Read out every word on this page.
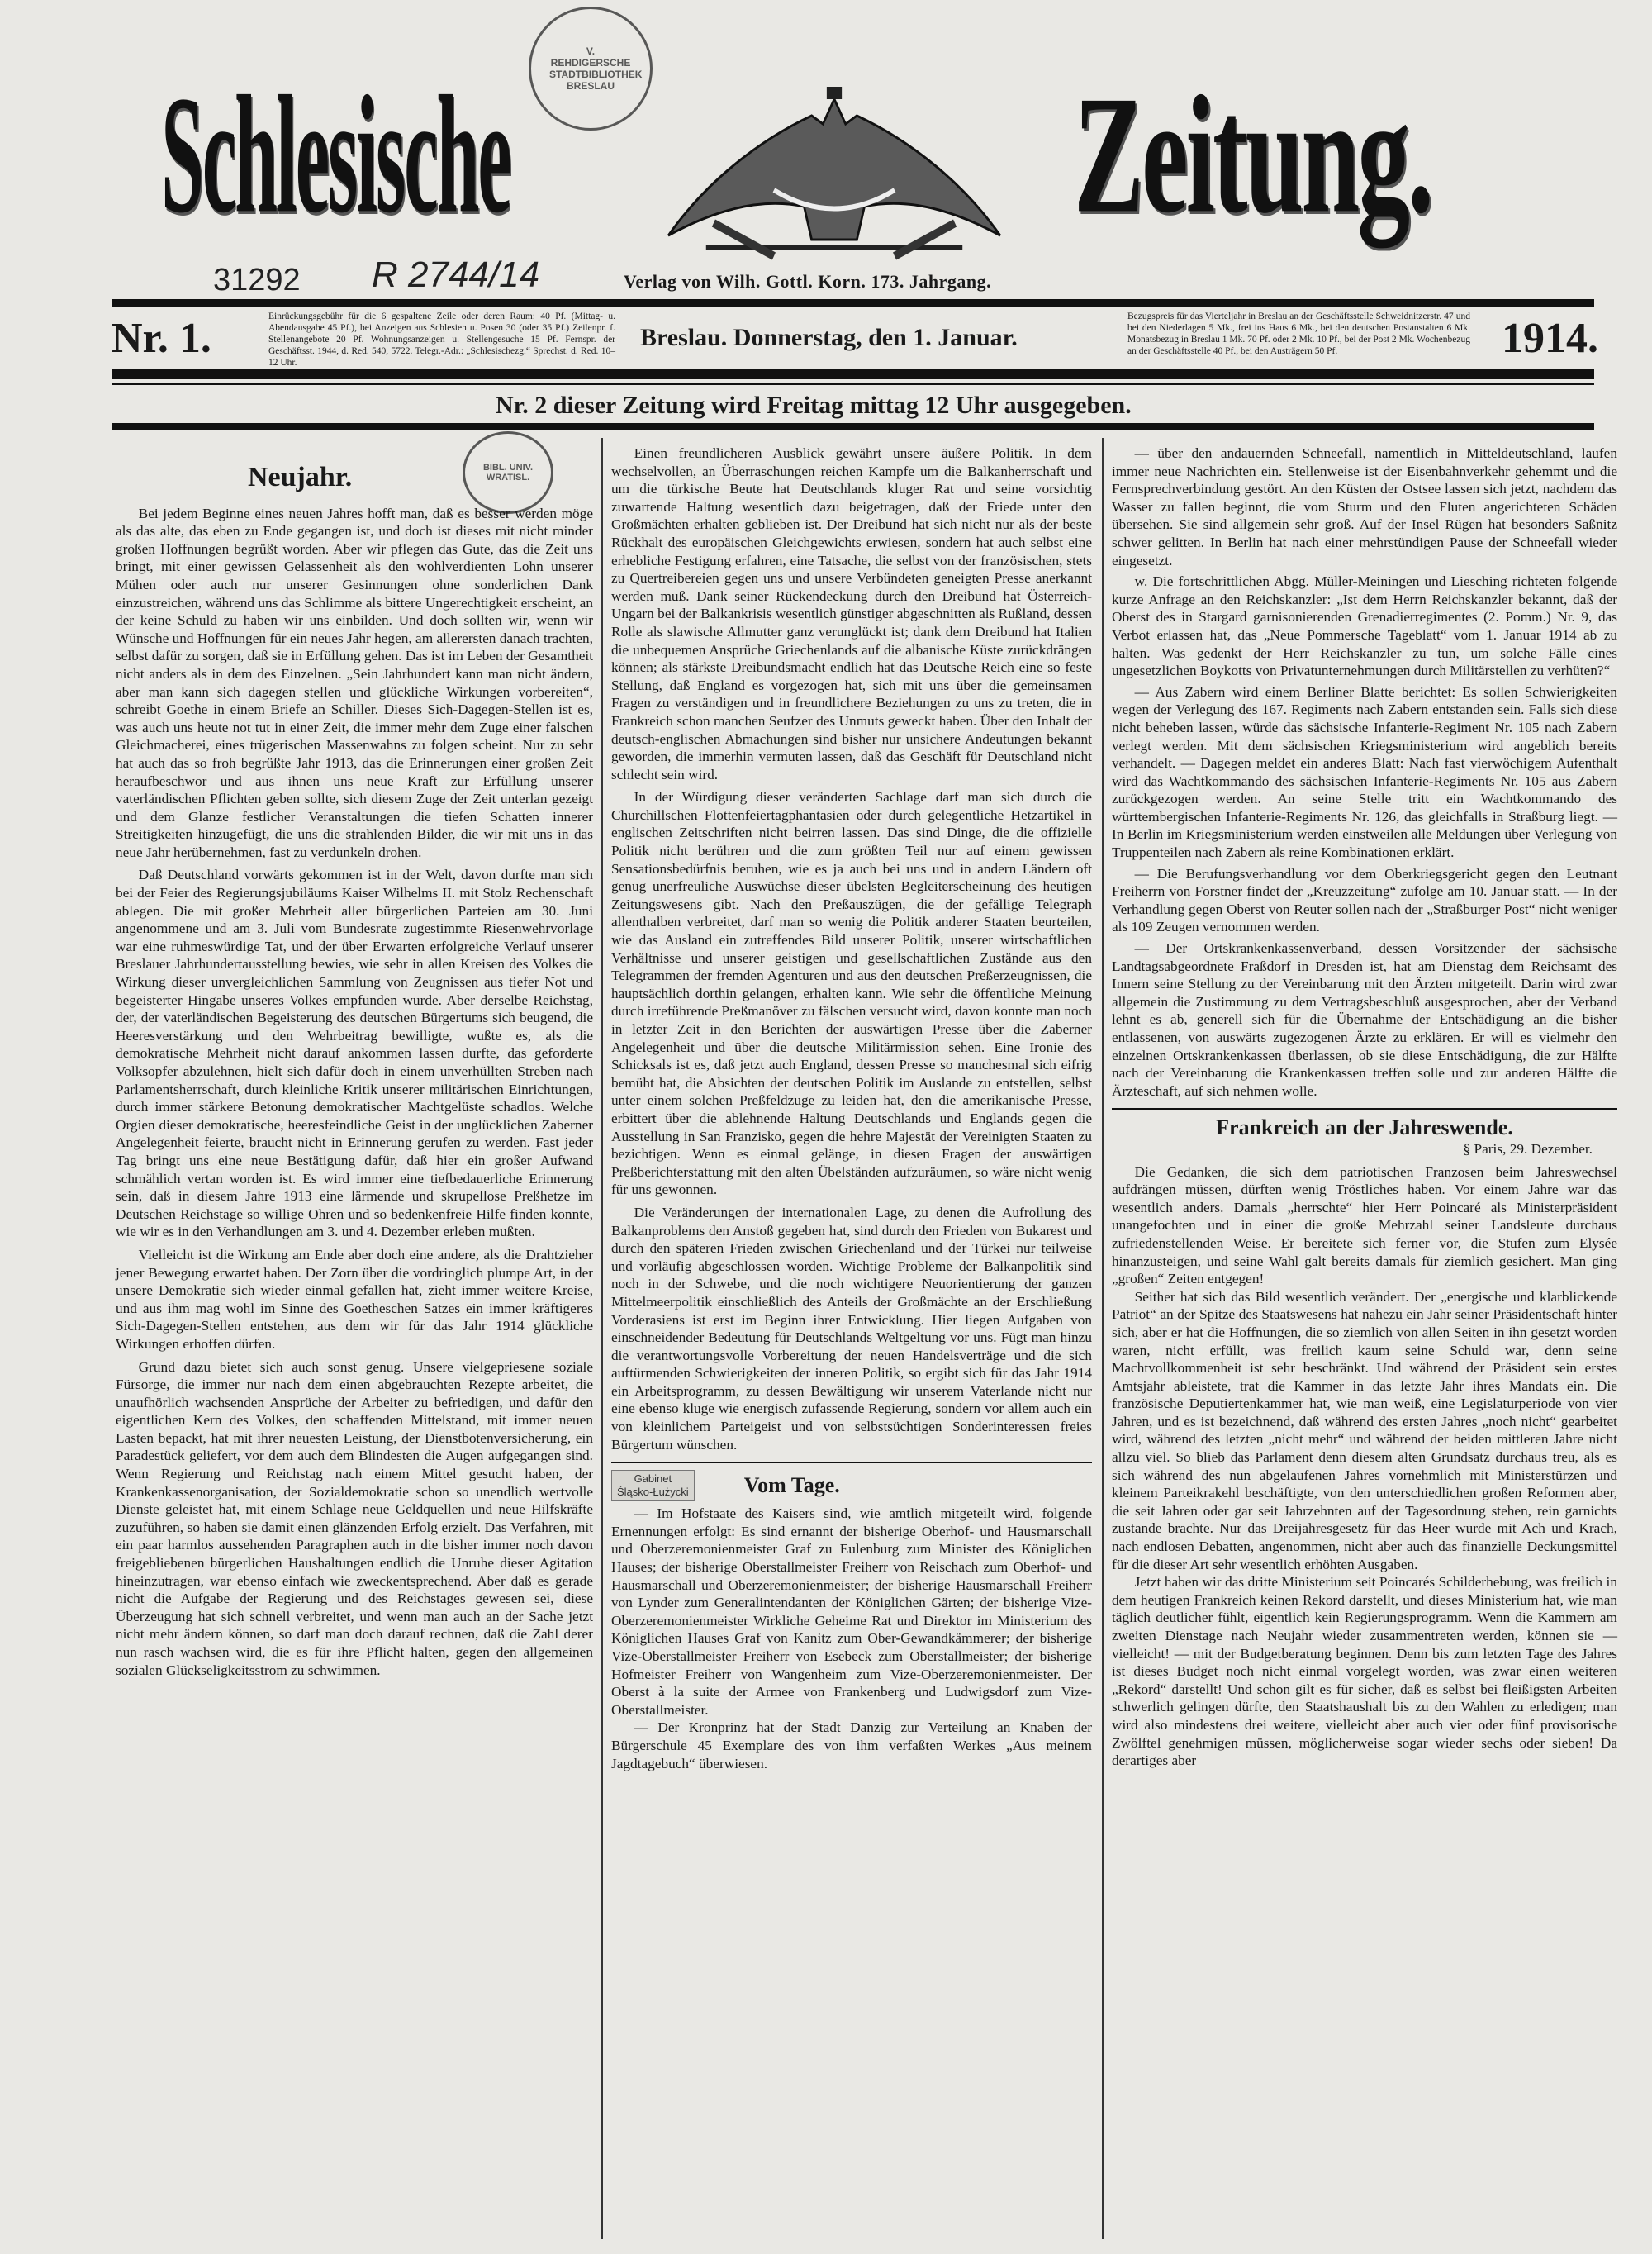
Schlesische	Zeitung.
V. REHDIGERSCHE STADTBIBLIOTHEK BRESLAU
31292 R 2744/14	Verlag von Wilh. Gottl. Korn. 173. Jahrgang.
Nr. 1.	Einrückungsgebühr für die 6 gespaltene Zeile oder deren Raum: 40 Pf. (Mittag- u. Abendausgabe 45 Pf.), bei Anzeigen aus Schlesien u. Posen 30 (oder 35 Pf.) Zeilenpr. f. Stellenangebote 20 Pf. Wohnungsanzeigen u. Stellengesuche 15 Pf. Fernspr. der Geschäftsst. 1944, d. Red. 540, 5722. Telegr.-Adr.: „Schlesischezg.“ Sprechst. d. Red. 10–12 Uhr.
Breslau. Donnerstag, den 1. Januar.
Bezugspreis für das Vierteljahr in Breslau an der Geschäftsstelle Schweidnitzerstr. 47 und bei den Niederlagen 5 Mk., frei ins Haus 6 Mk., bei den deutschen Postanstalten 6 Mk. Monatsbezug in Breslau 1 Mk. 70 Pf. oder 2 Mk. 10 Pf., bei der Post 2 Mk. Wochenbezug an der Geschäftsstelle 40 Pf., bei den Austrägern 50 Pf.	1914.
Nr. 2 dieser Zeitung wird Freitag mittag 12 Uhr ausgegeben.
BIBL. UNIV. WRATISL.
Neujahr.

Bei jedem Beginne eines neuen Jahres hofft man, daß es besser werden möge als das alte, das eben zu Ende gegangen ist, und doch ist dieses mit nicht minder großen Hoffnungen begrüßt worden. Aber wir pflegen das Gute, das die Zeit uns bringt, mit einer gewissen Gelassenheit als den wohlverdienten Lohn unserer Mühen oder auch nur unserer Gesinnungen ohne sonderlichen Dank einzustreichen, während uns das Schlimme als bittere Ungerechtigkeit erscheint, an der keine Schuld zu haben wir uns einbilden. Und doch sollten wir, wenn wir Wünsche und Hoffnungen für ein neues Jahr hegen, am allerersten danach trachten, selbst dafür zu sorgen, daß sie in Erfüllung gehen. Das ist im Leben der Gesamtheit nicht anders als in dem des Einzelnen. „Sein Jahrhundert kann man nicht ändern, aber man kann sich dagegen stellen und glückliche Wirkungen vorbereiten“, schreibt Goethe in einem Briefe an Schiller. Dieses Sich-Dagegen-Stellen ist es, was auch uns heute not tut in einer Zeit, die immer mehr dem Zuge einer falschen Gleichmacherei, eines trügerischen Massenwahns zu folgen scheint. Nur zu sehr hat auch das so froh begrüßte Jahr 1913, das die Erinnerungen einer großen Zeit heraufbeschwor und aus ihnen uns neue Kraft zur Erfüllung unserer vaterländischen Pflichten geben sollte, sich diesem Zuge der Zeit unterlan gezeigt und dem Glanze festlicher Veranstaltungen die tiefen Schatten innerer Streitigkeiten hinzugefügt, die uns die strahlenden Bilder, die wir mit uns in das neue Jahr herübernehmen, fast zu verdunkeln drohen.

Daß Deutschland vorwärts gekommen ist in der Welt, davon durfte man sich bei der Feier des Regierungsjubiläums Kaiser Wilhelms II. mit Stolz Rechenschaft ablegen. Die mit großer Mehrheit aller bürgerlichen Parteien am 30. Juni angenommene und am 3. Juli vom Bundesrate zugestimmte Riesenwehrvorlage war eine ruhmeswürdige Tat, und der über Erwarten erfolgreiche Verlauf unserer Breslauer Jahrhundertausstellung bewies, wie sehr in allen Kreisen des Volkes die Wirkung dieser unvergleichlichen Sammlung von Zeugnissen aus tiefer Not und begeisterter Hingabe unseres Volkes empfunden wurde. Aber derselbe Reichstag, der, der vaterländischen Begeisterung des deutschen Bürgertums sich beugend, die Heeresverstärkung und den Wehrbeitrag bewilligte, wußte es, als die demokratische Mehrheit nicht darauf ankommen lassen durfte, das geforderte Volksopfer abzulehnen, hielt sich dafür doch in einem unverhüllten Streben nach Parlamentsherrschaft, durch kleinliche Kritik unserer militärischen Einrichtungen, durch immer stärkere Betonung demokratischer Machtgelüste schadlos. Welche Orgien dieser demokratische, heeresfeindliche Geist in der unglücklichen Zaberner Angelegenheit feierte, braucht nicht in Erinnerung gerufen zu werden. Fast jeder Tag bringt uns eine neue Bestätigung dafür, daß hier ein großer Aufwand schmählich vertan worden ist. Es wird immer eine tiefbedauerliche Erinnerung sein, daß in diesem Jahre 1913 eine lärmende und skrupellose Preßhetze im Deutschen Reichstage so willige Ohren und so bedenkenfreie Hilfe finden konnte, wie wir es in den Verhandlungen am 3. und 4. Dezember erleben mußten.

Vielleicht ist die Wirkung am Ende aber doch eine andere, als die Drahtzieher jener Bewegung erwartet haben. Der Zorn über die vordringlich plumpe Art, in der unsere Demokratie sich wieder einmal gefallen hat, zieht immer weitere Kreise, und aus ihm mag wohl im Sinne des Goetheschen Satzes ein immer kräftigeres Sich-Dagegen-Stellen entstehen, aus dem wir für das Jahr 1914 glückliche Wirkungen erhoffen dürfen.

Grund dazu bietet sich auch sonst genug. Unsere vielgepriesene soziale Fürsorge, die immer nur nach dem einen abgebrauchten Rezepte arbeitet, die unaufhörlich wachsenden Ansprüche der Arbeiter zu befriedigen, und dafür den eigentlichen Kern des Volkes, den schaffenden Mittelstand, mit immer neuen Lasten bepackt, hat mit ihrer neuesten Leistung, der Dienstbotenversicherung, ein Paradestück geliefert, vor dem auch dem Blindesten die Augen aufgegangen sind. Wenn Regierung und Reichstag nach einem Mittel gesucht haben, der Krankenkassenorganisation, der Sozialdemokratie schon so unendlich wertvolle Dienste geleistet hat, mit einem Schlage neue Geldquellen und neue Hilfskräfte zuzuführen, so haben sie damit einen glänzenden Erfolg erzielt. Das Verfahren, mit ein paar harmlos aussehenden Paragraphen auch in die bisher immer noch davon freigebliebenen bürgerlichen Haushaltungen endlich die Unruhe dieser Agitation hineinzutragen, war ebenso einfach wie zweckentsprechend. Aber daß es gerade nicht die Aufgabe der Regierung und des Reichstages gewesen sei, diese Überzeugung hat sich schnell verbreitet, und wenn man auch an der Sache jetzt nicht mehr ändern können, so darf man doch darauf rechnen, daß die Zahl derer nun rasch wachsen wird, die es für ihre Pflicht halten, gegen den allgemeinen sozialen Glückseligkeitsstrom zu schwimmen.

Einen freundlicheren Ausblick gewährt unsere äußere Politik. In dem wechselvollen, an Überraschungen reichen Kampfe um die Balkanherrschaft und um die türkische Beute hat Deutschlands kluger Rat und seine vorsichtig zuwartende Haltung wesentlich dazu beigetragen, daß der Friede unter den Großmächten erhalten geblieben ist. Der Dreibund hat sich nicht nur als der beste Rückhalt des europäischen Gleichgewichts erwiesen, sondern hat auch selbst eine erhebliche Festigung erfahren, eine Tatsache, die selbst von der französischen, stets zu Quertreibereien gegen uns und unsere Verbündeten geneigten Presse anerkannt werden muß. Dank seiner Rückendeckung durch den Dreibund hat Österreich-Ungarn bei der Balkankrisis wesentlich günstiger abgeschnitten als Rußland, dessen Rolle als slawische Allmutter ganz verunglückt ist; dank dem Dreibund hat Italien die unbequemen Ansprüche Griechenlands auf die albanische Küste zurückdrängen können; als stärkste Dreibundsmacht endlich hat das Deutsche Reich eine so feste Stellung, daß England es vorgezogen hat, sich mit uns über die gemeinsamen Fragen zu verständigen und in freundlichere Beziehungen zu uns zu treten, die in Frankreich schon manchen Seufzer des Unmuts geweckt haben. Über den Inhalt der deutsch-englischen Abmachungen sind bisher nur unsichere Andeutungen bekannt geworden, die immerhin vermuten lassen, daß das Geschäft für Deutschland nicht schlecht sein wird.

In der Würdigung dieser veränderten Sachlage darf man sich durch die Churchillschen Flottenfeiertagphantasien oder durch gelegentliche Hetzartikel in englischen Zeitschriften nicht beirren lassen. Das sind Dinge, die die offizielle Politik nicht berühren und die zum größten Teil nur auf einem gewissen Sensationsbedürfnis beruhen, wie es ja auch bei uns und in andern Ländern oft genug unerfreuliche Auswüchse dieser übelsten Begleiterscheinung des heutigen Zeitungswesens gibt. Nach den Preßauszügen, die der gefällige Telegraph allenthalben verbreitet, darf man so wenig die Politik anderer Staaten beurteilen, wie das Ausland ein zutreffendes Bild unserer Politik, unserer wirtschaftlichen Verhältnisse und unserer geistigen und gesellschaftlichen Zustände aus den Telegrammen der fremden Agenturen und aus den deutschen Preßerzeugnissen, die hauptsächlich dorthin gelangen, erhalten kann. Wie sehr die öffentliche Meinung durch irreführende Preßmanöver zu fälschen versucht wird, davon konnte man noch in letzter Zeit in den Berichten der auswärtigen Presse über die Zaberner Angelegenheit und über die deutsche Militärmission sehen. Eine Ironie des Schicksals ist es, daß jetzt auch England, dessen Presse so manchesmal sich eifrig bemüht hat, die Absichten der deutschen Politik im Auslande zu entstellen, selbst unter einem solchen Preßfeldzuge zu leiden hat, den die amerikanische Presse, erbittert über die ablehnende Haltung Deutschlands und Englands gegen die Ausstellung in San Franzisko, gegen die hehre Majestät der Vereinigten Staaten zu bezichtigen. Wenn es einmal gelänge, in diesen Fragen der auswärtigen Preßberichterstattung mit den alten Übelständen aufzuräumen, so wäre nicht wenig für uns gewonnen.

Die Veränderungen der internationalen Lage, zu denen die Aufrollung des Balkanproblems den Anstoß gegeben hat, sind durch den Frieden von Bukarest und durch den späteren Frieden zwischen Griechenland und der Türkei nur teilweise und vorläufig abgeschlossen worden. Wichtige Probleme der Balkanpolitik sind noch in der Schwebe, und die noch wichtigere Neuorientierung der ganzen Mittelmeerpolitik einschließlich des Anteils der Großmächte an der Erschließung Vorderasiens ist erst im Beginn ihrer Entwicklung. Hier liegen Aufgaben von einschneidender Bedeutung für Deutschlands Weltgeltung vor uns. Fügt man hinzu die verantwortungsvolle Vorbereitung der neuen Handelsverträge und die sich auftürmenden Schwierigkeiten der inneren Politik, so ergibt sich für das Jahr 1914 ein Arbeitsprogramm, zu dessen Bewältigung wir unserem Vaterlande nicht nur eine ebenso kluge wie energisch zufassende Regierung, sondern vor allem auch ein von kleinlichem Parteigeist und von selbstsüchtigen Sonderinteressen freies Bürgertum wünschen.

Gabinet
Śląsko-Łużycki	Vom Tage.

— Im Hofstaate des Kaisers sind, wie amtlich mitgeteilt wird, folgende Ernennungen erfolgt: Es sind ernannt der bisherige Oberhof- und Hausmarschall und Oberzeremonienmeister Graf zu Eulenburg zum Minister des Königlichen Hauses; der bisherige Oberstallmeister Freiherr von Reischach zum Oberhof- und Hausmarschall und Oberzeremonienmeister; der bisherige Hausmarschall Freiherr von Lynder zum Generalintendanten der Königlichen Gärten; der bisherige Vize-Oberzeremonienmeister Wirkliche Geheime Rat und Direktor im Ministerium des Königlichen Hauses Graf von Kanitz zum Ober-Gewandkämmerer; der bisherige Vize-Oberstallmeister Freiherr von Esebeck zum Oberstallmeister; der bisherige Hofmeister Freiherr von Wangenheim zum Vize-Oberzeremonienmeister. Der Oberst à la suite der Armee von Frankenberg und Ludwigsdorf zum Vize-Oberstallmeister.

— Der Kronprinz hat der Stadt Danzig zur Verteilung an Knaben der Bürgerschule 45 Exemplare des von ihm verfaßten Werkes „Aus meinem Jagdtagebuch“ überwiesen.

— über den andauernden Schneefall, namentlich in Mitteldeutschland, laufen immer neue Nachrichten ein. Stellenweise ist der Eisenbahnverkehr gehemmt und die Fernsprechverbindung gestört. An den Küsten der Ostsee lassen sich jetzt, nachdem das Wasser zu fallen beginnt, die vom Sturm und den Fluten angerichteten Schäden übersehen. Sie sind allgemein sehr groß. Auf der Insel Rügen hat besonders Saßnitz schwer gelitten. In Berlin hat nach einer mehrstündigen Pause der Schneefall wieder eingesetzt.

w. Die fortschrittlichen Abgg. Müller-Meiningen und Liesching richteten folgende kurze Anfrage an den Reichskanzler: „Ist dem Herrn Reichskanzler bekannt, daß der Oberst des in Stargard garnisonierenden Grenadierregimentes (2. Pomm.) Nr. 9, das Verbot erlassen hat, das „Neue Pommersche Tageblatt“ vom 1. Januar 1914 ab zu halten. Was gedenkt der Herr Reichskanzler zu tun, um solche Fälle eines ungesetzlichen Boykotts von Privatunternehmungen durch Militärstellen zu verhüten?“

— Aus Zabern wird einem Berliner Blatte berichtet: Es sollen Schwierigkeiten wegen der Verlegung des 167. Regiments nach Zabern entstanden sein. Falls sich diese nicht beheben lassen, würde das sächsische Infanterie-Regiment Nr. 105 nach Zabern verlegt werden. Mit dem sächsischen Kriegsministerium wird angeblich bereits verhandelt. — Dagegen meldet ein anderes Blatt: Nach fast vierwöchigem Aufenthalt wird das Wachtkommando des sächsischen Infanterie-Regiments Nr. 105 aus Zabern zurückgezogen werden. An seine Stelle tritt ein Wachtkommando des württembergischen Infanterie-Regiments Nr. 126, das gleichfalls in Straßburg liegt. — In Berlin im Kriegsministerium werden einstweilen alle Meldungen über Verlegung von Truppenteilen nach Zabern als reine Kombinationen erklärt.

— Die Berufungsverhandlung vor dem Oberkriegsgericht gegen den Leutnant Freiherrn von Forstner findet der „Kreuzzeitung“ zufolge am 10. Januar statt. — In der Verhandlung gegen Oberst von Reuter sollen nach der „Straßburger Post“ nicht weniger als 109 Zeugen vernommen werden.

— Der Ortskrankenkassenverband, dessen Vorsitzender der sächsische Landtagsabgeordnete Fraßdorf in Dresden ist, hat am Dienstag dem Reichsamt des Innern seine Stellung zu der Vereinbarung mit den Ärzten mitgeteilt. Darin wird zwar allgemein die Zustimmung zu dem Vertragsbeschluß ausgesprochen, aber der Verband lehnt es ab, generell sich für die Übernahme der Entschädigung an die bisher entlassenen, von auswärts zugezogenen Ärzte zu erklären. Er will es vielmehr den einzelnen Ortskrankenkassen überlassen, ob sie diese Entschädigung, die zur Hälfte nach der Vereinbarung die Krankenkassen treffen solle und zur anderen Hälfte die Ärzteschaft, auf sich nehmen wolle.

Frankreich an der Jahreswende.
§ Paris, 29. Dezember.

Die Gedanken, die sich dem patriotischen Franzosen beim Jahreswechsel aufdrängen müssen, dürften wenig Tröstliches haben. Vor einem Jahre war das wesentlich anders. Damals „herrschte“ hier Herr Poincaré als Ministerpräsident unangefochten und in einer die große Mehrzahl seiner Landsleute durchaus zufriedenstellenden Weise. Er bereitete sich ferner vor, die Stufen zum Elysée hinanzusteigen, und seine Wahl galt bereits damals für ziemlich gesichert. Man ging „großen“ Zeiten entgegen!

Seither hat sich das Bild wesentlich verändert. Der „energische und klarblickende Patriot“ an der Spitze des Staatswesens hat nahezu ein Jahr seiner Präsidentschaft hinter sich, aber er hat die Hoffnungen, die so ziemlich von allen Seiten in ihn gesetzt worden waren, nicht erfüllt, was freilich kaum seine Schuld war, denn seine Machtvollkommenheit ist sehr beschränkt. Und während der Präsident sein erstes Amtsjahr ableistete, trat die Kammer in das letzte Jahr ihres Mandats ein. Die französische Deputiertenkammer hat, wie man weiß, eine Legislaturperiode von vier Jahren, und es ist bezeichnend, daß während des ersten Jahres „noch nicht“ gearbeitet wird, während des letzten „nicht mehr“ und während der beiden mittleren Jahre nicht allzu viel. So blieb das Parlament denn diesem alten Grundsatz durchaus treu, als es sich während des nun abgelaufenen Jahres vornehmlich mit Ministerstürzen und kleinem Parteikrakehl beschäftigte, von den unterschiedlichen großen Reformen aber, die seit Jahren oder gar seit Jahrzehnten auf der Tagesordnung stehen, rein garnichts zustande brachte. Nur das Dreijahresgesetz für das Heer wurde mit Ach und Krach, nach endlosen Debatten, angenommen, nicht aber auch das finanzielle Deckungsmittel für die dieser Art sehr wesentlich erhöhten Ausgaben.

Jetzt haben wir das dritte Ministerium seit Poincarés Schilderhebung, was freilich in dem heutigen Frankreich keinen Rekord darstellt, und dieses Ministerium hat, wie man täglich deutlicher fühlt, eigentlich kein Regierungsprogramm. Wenn die Kammern am zweiten Dienstage nach Neujahr wieder zusammentreten werden, können sie — vielleicht! — mit der Budgetberatung beginnen. Denn bis zum letzten Tage des Jahres ist dieses Budget noch nicht einmal vorgelegt worden, was zwar einen weiteren „Rekord“ darstellt! Und schon gilt es für sicher, daß es selbst bei fleißigsten Arbeiten schwerlich gelingen dürfte, den Staatshaushalt bis zu den Wahlen zu erledigen; man wird also mindestens drei weitere, vielleicht aber auch vier oder fünf provisorische Zwölftel genehmigen müssen, möglicherweise sogar wieder sechs oder sieben! Da derartiges aber
